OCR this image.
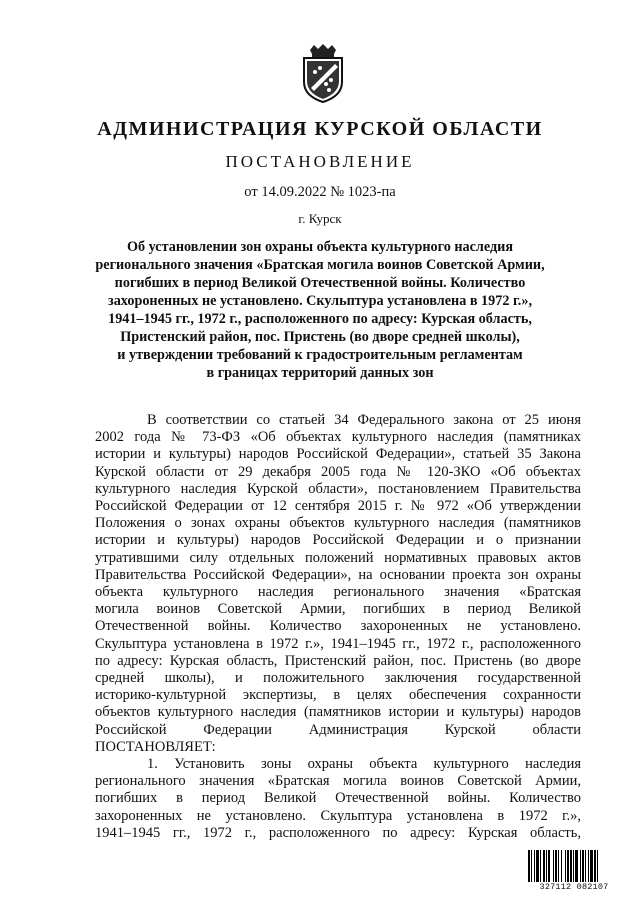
АДМИНИСТРАЦИЯ КУРСКОЙ ОБЛАСТИ
ПОСТАНОВЛЕНИЕ
от 14.09.2022 № 1023-па
г. Курск
Об установлении зон охраны объекта культурного наследия
регионального значения «Братская могила воинов Советской Армии,
погибших в период Великой Отечественной войны. Количество
захороненных не установлено. Скульптура установлена в 1972 г.»,
1941–1945 гг., 1972 г., расположенного по адресу: Курская область,
Пристенский район, пос. Пристень (во дворе средней школы),
и утверждении требований к градостроительным регламентам
в границах территорий данных зон
В соответствии со статьей 34 Федерального закона от 25 июня
2002 года № 73-ФЗ «Об объектах культурного наследия (памятниках
истории и культуры) народов Российской Федерации», статьей 35 Закона
Курской области от 29 декабря 2005 года № 120-ЗКО «Об объектах
культурного наследия Курской области», постановлением Правительства
Российской Федерации от 12 сентября 2015 г. № 972 «Об утверждении
Положения о зонах охраны объектов культурного наследия (памятников
истории и культуры) народов Российской Федерации и о признании
утратившими силу отдельных положений нормативных правовых актов
Правительства Российской Федерации», на основании проекта зон охраны
объекта культурного наследия регионального значения «Братская
могила воинов Советской Армии, погибших в период Великой
Отечественной войны. Количество захороненных не установлено.
Скульптура установлена в 1972 г.», 1941–1945 гг., 1972 г., расположенного
по адресу: Курская область, Пристенский район, пос. Пристень (во дворе
средней школы), и положительного заключения государственной
историко-культурной экспертизы, в целях обеспечения сохранности
объектов культурного наследия (памятников истории и культуры) народов
Российской Федерации Администрация Курской области
ПОСТАНОВЛЯЕТ:
1. Установить зоны охраны объекта культурного наследия
регионального значения «Братская могила воинов Советской Армии,
погибших в период Великой Отечественной войны. Количество
захороненных не установлено. Скульптура установлена в 1972 г.»,
1941–1945 гг., 1972 г., расположенного по адресу: Курская область,
327112 082107
